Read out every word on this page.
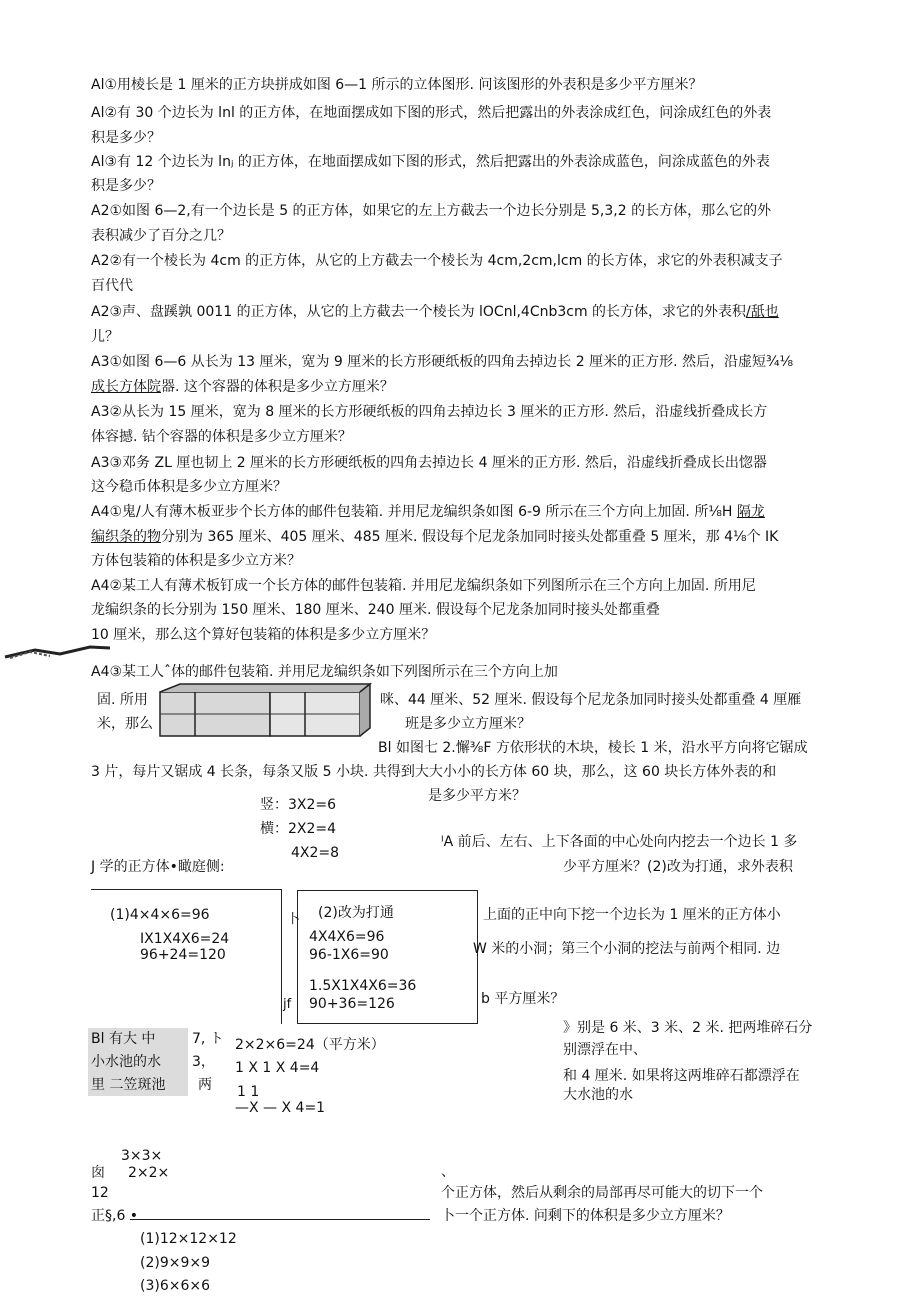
Al①用棱长是 1 厘米的正方块拼成如图 6—1 所示的立体图形. 问该图形的外表积是多少平方厘米？
Al②有 30 个边长为 lnl 的正方体，在地面摆成如下图的形式，然后把露出的外表涂成红色，问涂成红色的外表
积是多少？
Al③有 12 个边长为 lnⱼ 的正方体，在地面摆成如下图的形式，然后把露出的外表涂成蓝色，问涂成蓝色的外表
积是多少？
A2①如图 6—2,有一个边长是 5 的正方体，如果它的左上方截去一个边长分别是 5,3,2 的长方体，那么它的外
表积减少了百分之几？
A2②有一个棱长为 4cm 的正方体，从它的上方截去一个棱长为 4cm,2cm,lcm 的长方体，求它的外表积减支子
百代代
A2③声、盘蹊孰 0011 的正方体，从它的上方截去一个棱长为 lOCnl,4Cnb3cm 的长方体，求它的外表积/舐也
儿？
A3①如图 6—6 从长为 13 厘米，宽为 9 厘米的长方形硬纸板的四角去掉边长 2 厘米的正方形. 然后，沿虚短¾⅛
成长方体院器. 这个容器的体积是多少立方厘米？
A3②从长为 15 厘米，宽为 8 厘米的长方形硬纸板的四角去掉边长 3 厘米的正方形. 然后，沿虚线折叠成长方
体容撼. 钻个容器的体积是多少立方厘米？
A3③邓务 ZL 厘也韧上 2 厘米的长方形硬纸板的四角去掉边长 4 厘米的正方形. 然后，沿虚线折叠成长出惚器
这今稳币体积是多少立方厘米？
A4①鬼/人有薄木板亚步个长方体的邮件包装箱. 并用尼龙编织条如图 6-9 所示在三个方向上加固. 所⅛H 隔龙
编织条的物分别为 365 厘米、405 厘米、485 厘米. 假设每个尼龙条加同时接头处都重叠 5 厘米，那 4⅛个 IK
方体包装箱的体积是多少立方米？
A4②某工人有薄术板钉成一个长方体的邮件包装箱. 并用尼龙编织条如下列图所示在三个方向上加固. 所用尼
龙编织条的长分别为 150 厘米、180 厘米、240 厘米. 假设每个尼龙条加同时接头处都重叠
10 厘米，那么这个算好包装箱的体积是多少立方厘米？
A4③某工人ˆ体的邮件包装箱. 并用尼龙编织条如下列图所示在三个方向上加
固. 所用	咪、44 厘米、52 厘米. 假设每个尼龙条加同时接头处都重叠 4 厘雁
米，那么	班是多少立方厘米？
Bl 如图七 2.懈⅜F 方依形状的木块，棱长 1 米，沿水平方向将它锯成
3 片，每片又锯成 4 长条，每条又版 5 小块. 共得到大大小小的长方体 60 块，那么，这 60 块长方体外表的和
是多少平方米？
竖：3X2=6
横：2X2=4
4X2=8
ᴵA 前后、左右、上下各面的中心处向内挖去一个边长 1 多
J 学的正方体•瞰庭侧:	少平方厘米？(2)改为打通，求外表积
(1)4×4×6=96
IX1X4X6=24
96+24=120
卜
jf
(2)改为打通
4X4X6=96
96-1X6=90
1.5X1X4X6=36
90+36=126
上面的正中向下挖一个边长为 1 厘米的正方体小
W 米的小洞；第三个小洞的挖法与前两个相同. 边
b 平方厘米？
Bl 有大 中
小水池的水
里 二笠斑池
7, ト
3，
两
2×2×6=24（平方米）
1 X 1 X 4=4
1 1
—X — X 4=1
》别是 6 米、3 米、2 米. 把两堆碎石分
别漂浮在中、
和 4 厘米. 如果将这两堆碎石都漂浮在
大水池的水
3×3×
囱 2×2×	、
12	个正方体，然后从剩余的局部再尽可能大的切下一个
正§,6 •	卜一个正方体. 问剩下的体积是多少立方厘米？
(1)12×12×12
(2)9×9×9
(3)6×6×6
